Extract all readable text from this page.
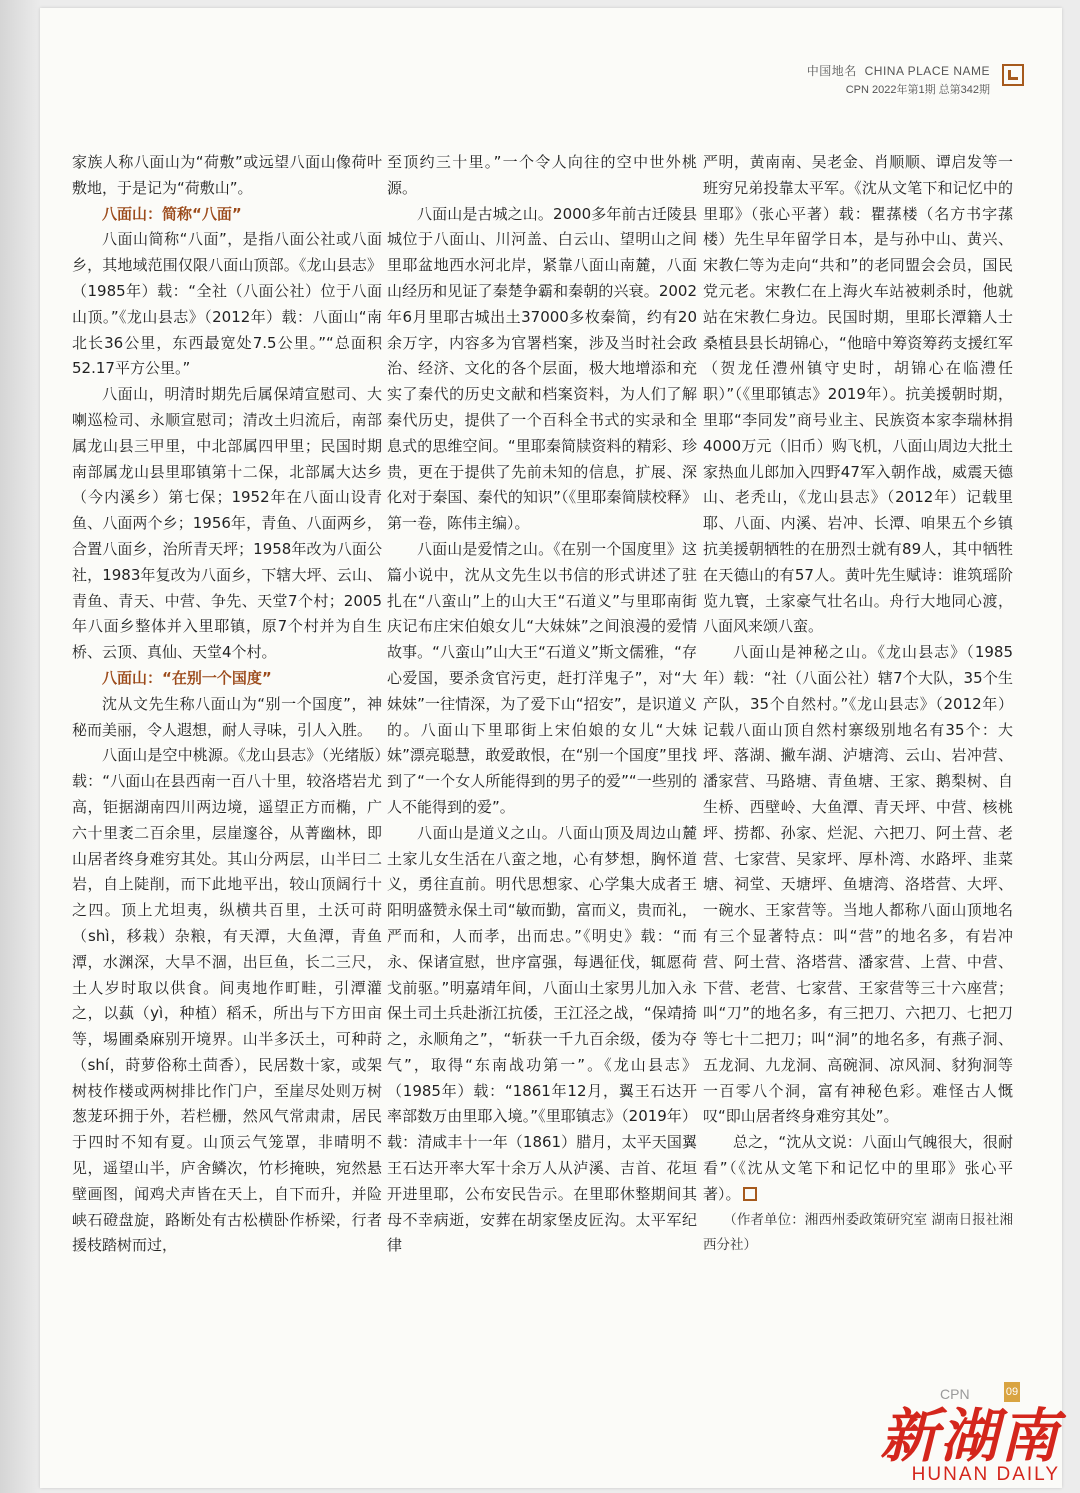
中国地名 CHINA PLACE NAME
CPN 2022年第1期 总第342期

家族人称八面山为“荷敷”或远望八面山像荷叶敷地，于是记为“荷敷山”。

八面山：简称“八面”

八面山简称“八面”，是指八面公社或八面乡，其地域范围仅限八面山顶部。《龙山县志》（1985年）载：“全社（八面公社）位于八面山顶。”《龙山县志》（2012年）载：八面山“南北长36公里，东西最宽处7.5公里。”“总面积52.17平方公里。”

八面山，明清时期先后属保靖宣慰司、大喇巡检司、永顺宣慰司；清改土归流后，南部属龙山县三甲里，中北部属四甲里；民国时期南部属龙山县里耶镇第十二保，北部属大达乡（今内溪乡）第七保；1952年在八面山设青鱼、八面两个乡；1956年，青鱼、八面两乡，合置八面乡，治所青天坪；1958年改为八面公社，1983年复改为八面乡，下辖大坪、云山、青鱼、青天、中营、争先、天堂7个村；2005年八面乡整体并入里耶镇，原7个村并为自生桥、云顶、真仙、天堂4个村。

八面山：“在别一个国度”

沈从文先生称八面山为“别一个国度”，神秘而美丽，令人遐想，耐人寻味，引人入胜。

八面山是空中桃源。《龙山县志》（光绪版）载：“八面山在县西南一百八十里，较洛塔岩尤高，钜据湖南四川两边境，遥望正方而椭，广六十里袤二百余里，层崖邃谷，从菁幽林，即山居者终身难穷其处。其山分两层，山半曰二岩，自上陡削，而下此地平出，较山顶阔行十之四。顶上尤坦夷，纵横共百里，土沃可莳（shì，移栽）杂粮，有天潭，大鱼潭，青鱼潭，水渊深，大旱不涸，出巨鱼，长二三尺，土人岁时取以供食。间夷地作町畦，引潭灌之，以蓺（yì，种植）稻禾，所出与下方田亩等，埸圃桑麻别开境界。山半多沃土，可种莳（shí，莳萝俗称土茴香），民居数十家，或架树枝作楼或两树排比作门户，至崖尽处则万树葱茏环拥于外，若栏栅，然风气常肃肃，居民于四时不知有夏。山顶云气笼罩，非晴明不见，遥望山半，庐舍鳞次，竹杉掩映，宛然悬壁画图，闻鸡犬声皆在天上，自下而升，并险峡石磴盘旋，路断处有古松横卧作桥梁，行者援枝踏树而过，

至顶约三十里。”一个令人向往的空中世外桃源。

八面山是古城之山。2000多年前古迁陵县城位于八面山、川河盖、白云山、望明山之间里耶盆地西水河北岸，紧靠八面山南麓，八面山经历和见证了秦楚争霸和秦朝的兴衰。2002年6月里耶古城出土37000多枚秦简，约有20余万字，内容多为官署档案，涉及当时社会政治、经济、文化的各个层面，极大地增添和充实了秦代的历史文献和档案资料，为人们了解秦代历史，提供了一个百科全书式的实录和全息式的思维空间。“里耶秦简牍资料的精彩、珍贵，更在于提供了先前未知的信息，扩展、深化对于秦国、秦代的知识”（《里耶秦简牍校释》第一卷，陈伟主编）。

八面山是爱情之山。《在别一个国度里》这篇小说中，沈从文先生以书信的形式讲述了驻扎在“八蛮山”上的山大王“石道义”与里耶南街庆记布庄宋伯娘女儿“大妹妹”之间浪漫的爱情故事。“八蛮山”山大王“石道义”斯文儒雅，“存心爱国，要杀贪官污吏，赶打洋鬼子”，对“大妹妹”一往情深，为了爱下山“招安”，是识道义的。八面山下里耶街上宋伯娘的女儿“大妹妹”漂亮聪慧，敢爱敢恨，在“别一个国度”里找到了“一个女人所能得到的男子的爱”“一些别的人不能得到的爱”。

八面山是道义之山。八面山顶及周边山麓土家儿女生活在八蛮之地，心有梦想，胸怀道义，勇往直前。明代思想家、心学集大成者王阳明盛赞永保土司“敏而勤，富而义，贵而礼，严而和，人而孝，出而忠。”《明史》载：“而永、保诸宣慰，世序富强，每遇征伐，辄愿荷戈前驱。”明嘉靖年间，八面山土家男儿加入永保土司土兵赴浙江抗倭，王江泾之战，“保靖掎之，永顺角之”，“斩获一千九百余级，倭为夺气”，取得“东南战功第一”。《龙山县志》（1985年）载：“1861年12月，翼王石达开率部数万由里耶入境。”《里耶镇志》（2019年）载：清咸丰十一年（1861）腊月，太平天国翼王石达开率大军十余万人从泸溪、吉首、花垣开进里耶，公布安民告示。在里耶休整期间其母不幸病逝，安葬在胡家堡皮匠沟。太平军纪律

严明，黄南南、吴老金、肖顺顺、谭启发等一班穷兄弟投靠太平军。《沈从文笔下和记忆中的里耶》（张心平著）载：瞿蓀楼（名方书字蓀楼）先生早年留学日本，是与孙中山、黄兴、宋教仁等为走向“共和”的老同盟会会员，国民党元老。宋教仁在上海火车站被刺杀时，他就站在宋教仁身边。民国时期，里耶长潭籍人士桑植县县长胡锦心，“他暗中筹资筹药支援红军（贺龙任澧州镇守史时，胡锦心在临澧任职）”（《里耶镇志》2019年）。抗美援朝时期，里耶“李同发”商号业主、民族资本家李瑞林捐4000万元（旧币）购飞机，八面山周边大批土家热血儿郎加入四野47军入朝作战，威震天德山、老秃山，《龙山县志》（2012年）记载里耶、八面、内溪、岩冲、长潭、咱果五个乡镇抗美援朝牺牲的在册烈士就有89人，其中牺牲在天德山的有57人。黄叶先生赋诗：谁筑瑶阶览九寰，土家豪气壮名山。舟行大地同心渡，八面风来颂八蛮。

八面山是神秘之山。《龙山县志》（1985年）载：“社（八面公社）辖7个大队，35个生产队，35个自然村。”《龙山县志》（2012年）记载八面山顶自然村寨级别地名有35个：大坪、落湖、撇车湖、泸塘湾、云山、岩冲营、潘家营、马路塘、青鱼塘、王家、鹅梨树、自生桥、西壁岭、大鱼潭、青天坪、中营、核桃坪、捞都、孙家、烂泥、六把刀、阿土营、老营、七家营、吴家坪、厚朴湾、水路坪、韭菜塘、祠堂、天塘坪、鱼塘湾、洛塔营、大坪、一碗水、王家营等。当地人都称八面山顶地名有三个显著特点：叫“营”的地名多，有岩冲营、阿土营、洛塔营、潘家营、上营、中营、下营、老营、七家营、王家营等三十六座营；叫“刀”的地名多，有三把刀、六把刀、七把刀等七十二把刀；叫“洞”的地名多，有燕子洞、五龙洞、九龙洞、高碗洞、凉风洞、豺狗洞等一百零八个洞，富有神秘色彩。难怪古人慨叹“即山居者终身难穷其处”。

总之，“沈从文说：八面山气魄很大，很耐看”（《沈从文笔下和记忆中的里耶》张心平著）。

（作者单位：湘西州委政策研究室 湖南日报社湘西分社）

CPN	09
新湖南
HUNAN DAILY
